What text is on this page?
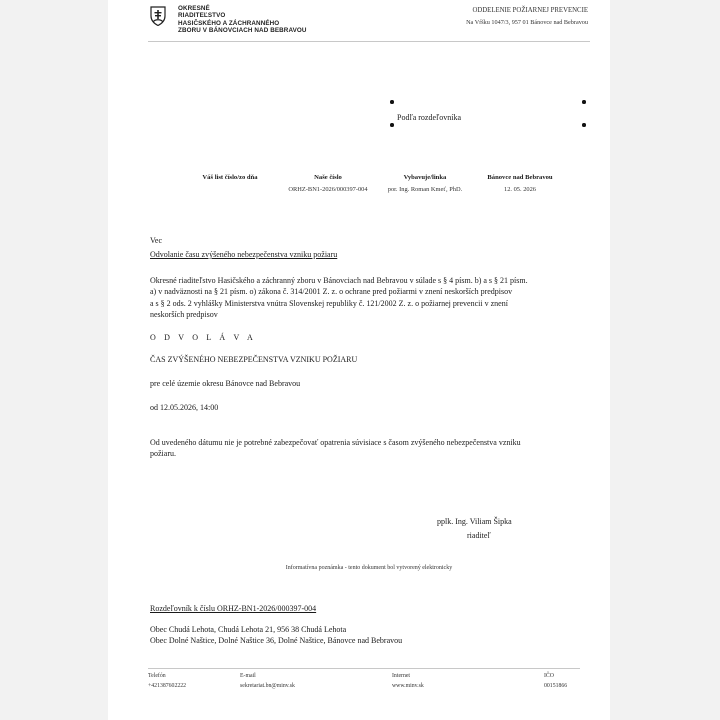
OKRESNÉ
RIADITEĽSTVO
HASIČSKÉHO A ZÁCHRANNÉHO
ZBORU V BÁNOVCIACH NAD BEBRAVOU
ODDELENIE POŽIARNEJ PREVENCIE
Na Vŕšku 1047/3, 957 01 Bánovce nad Bebravou
Podľa rozdeľovníka
Váš list číslo/zo dňa	Naše číslo
ORHZ-BN1-2026/000397-004
Vybavuje/linka
por. Ing. Roman Kmeť, PhD.
Bánovce nad Bebravou
12. 05. 2026
Vec
Odvolanie času zvýšeného nebezpečenstva vzniku požiaru
Okresné riaditeľstvo Hasičského a záchranný zboru v Bánovciach nad Bebravou v súlade s § 4 písm. b) a s § 21 písm.
a) v nadväznosti na § 21 písm. o) zákona č. 314/2001 Z. z. o ochrane pred požiarmi v znení neskorších predpisov
a s § 2 ods. 2 vyhlášky Ministerstva vnútra Slovenskej republiky č. 121/2002 Z. z. o požiarnej prevencii v znení
neskorších predpisov
O D V O L Á V A
ČAS ZVÝŠENÉHO NEBEZPEČENSTVA VZNIKU POŽIARU
pre celé územie okresu Bánovce nad Bebravou
od 12.05.2026, 14:00
Od uvedeného dátumu nie je potrebné zabezpečovať opatrenia súvisiace s časom zvýšeného nebezpečenstva vzniku
požiaru.
pplk. Ing. Viliam Šipka
riaditeľ
Informatívna poznámka - tento dokument bol vytvorený elektronicky
Rozdeľovník k číslu ORHZ-BN1-2026/000397-004
Obec Chudá Lehota, Chudá Lehota 21, 956 38 Chudá Lehota
Obec Dolné Naštice, Dolné Naštice 36, Dolné Naštice, Bánovce nad Bebravou
Telefón
+421387602222
E-mail
sekretariat.bn@minv.sk
Internet
www.minv.sk
IČO
00151866
